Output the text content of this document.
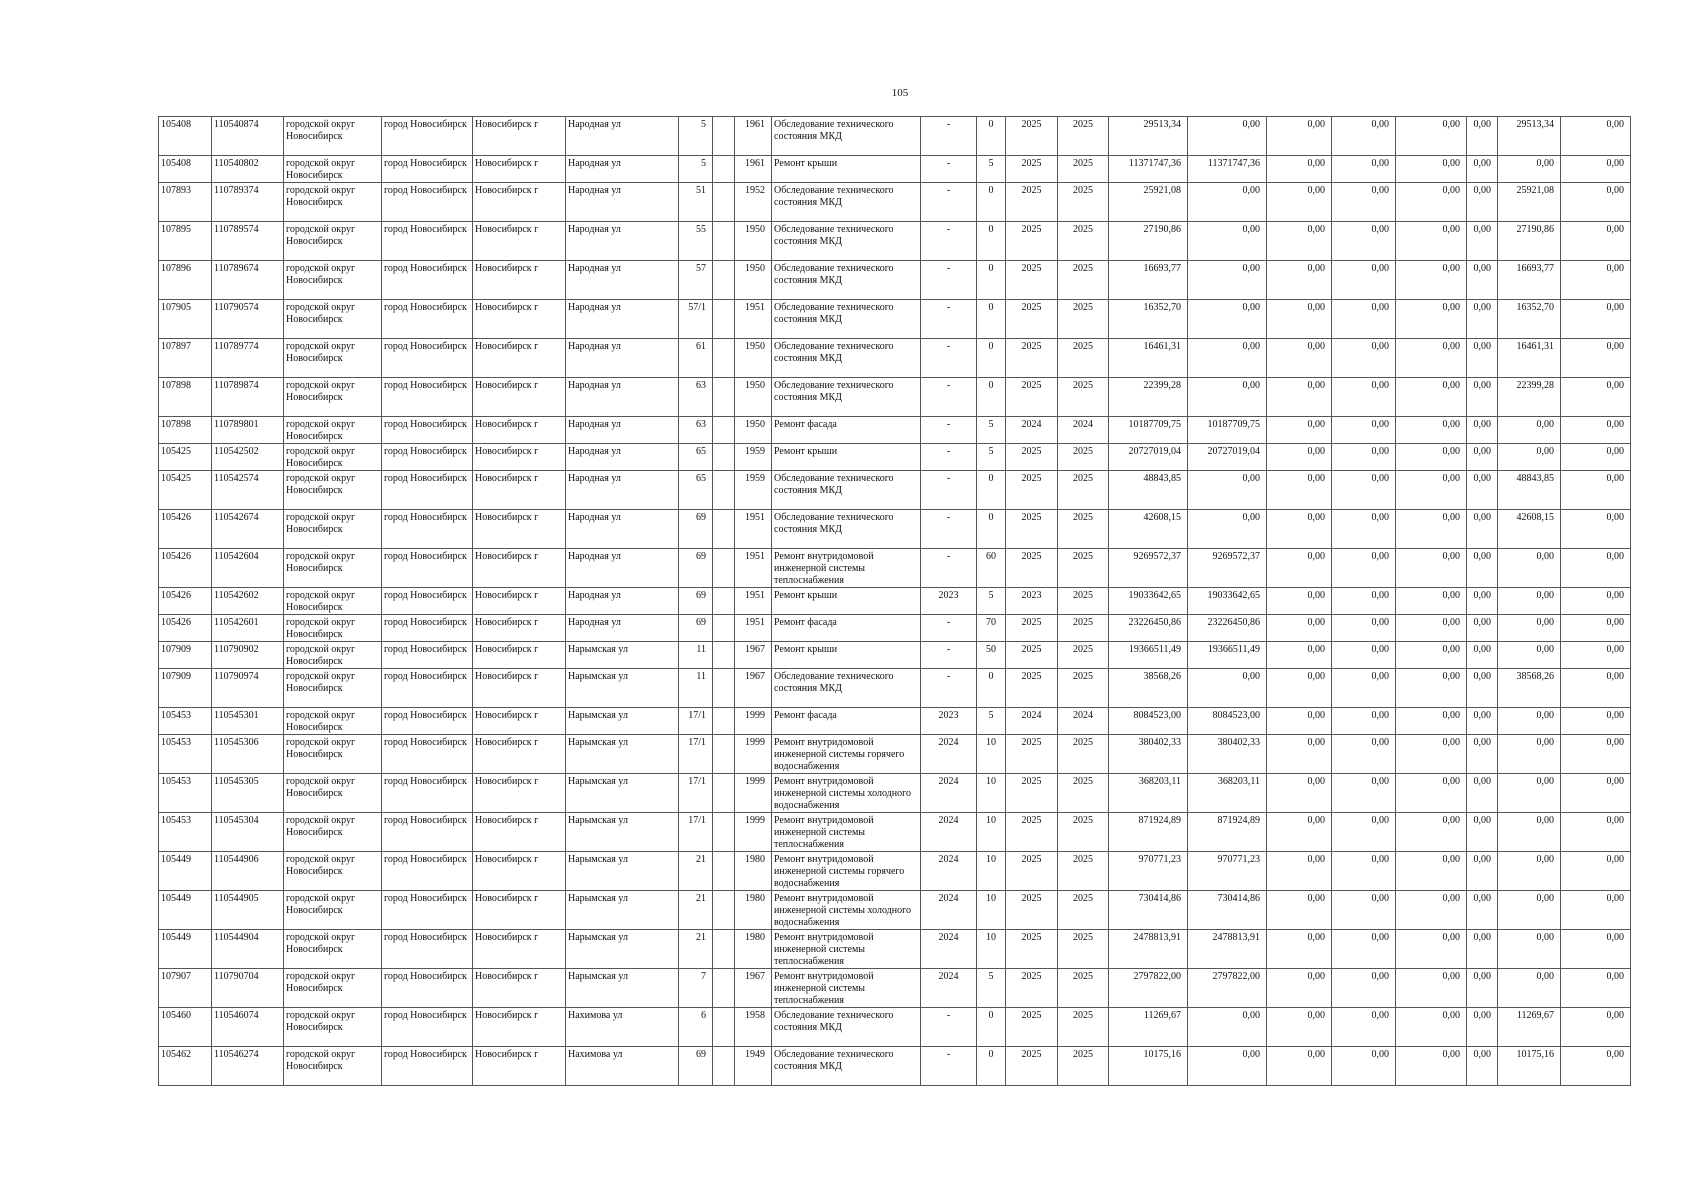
105
105408	110540874	городской округ Новосибирск	город Новосибирск	Новосибирск г	Народная ул	5		1961	Обследование технического состояния МКД	-	0	2025	2025	29513,34	0,00	0,00	0,00	0,00	0,00	29513,34	0,00
105408	110540802	городской округ Новосибирск	город Новосибирск	Новосибирск г	Народная ул	5		1961	Ремонт крыши	-	5	2025	2025	11371747,36	11371747,36	0,00	0,00	0,00	0,00	0,00	0,00
107893	110789374	городской округ Новосибирск	город Новосибирск	Новосибирск г	Народная ул	51		1952	Обследование технического состояния МКД	-	0	2025	2025	25921,08	0,00	0,00	0,00	0,00	0,00	25921,08	0,00
107895	110789574	городской округ Новосибирск	город Новосибирск	Новосибирск г	Народная ул	55		1950	Обследование технического состояния МКД	-	0	2025	2025	27190,86	0,00	0,00	0,00	0,00	0,00	27190,86	0,00
107896	110789674	городской округ Новосибирск	город Новосибирск	Новосибирск г	Народная ул	57		1950	Обследование технического состояния МКД	-	0	2025	2025	16693,77	0,00	0,00	0,00	0,00	0,00	16693,77	0,00
107905	110790574	городской округ Новосибирск	город Новосибирск	Новосибирск г	Народная ул	57/1		1951	Обследование технического состояния МКД	-	0	2025	2025	16352,70	0,00	0,00	0,00	0,00	0,00	16352,70	0,00
107897	110789774	городской округ Новосибирск	город Новосибирск	Новосибирск г	Народная ул	61		1950	Обследование технического состояния МКД	-	0	2025	2025	16461,31	0,00	0,00	0,00	0,00	0,00	16461,31	0,00
107898	110789874	городской округ Новосибирск	город Новосибирск	Новосибирск г	Народная ул	63		1950	Обследование технического состояния МКД	-	0	2025	2025	22399,28	0,00	0,00	0,00	0,00	0,00	22399,28	0,00
107898	110789801	городской округ Новосибирск	город Новосибирск	Новосибирск г	Народная ул	63		1950	Ремонт фасада	-	5	2024	2024	10187709,75	10187709,75	0,00	0,00	0,00	0,00	0,00	0,00
105425	110542502	городской округ Новосибирск	город Новосибирск	Новосибирск г	Народная ул	65		1959	Ремонт крыши	-	5	2025	2025	20727019,04	20727019,04	0,00	0,00	0,00	0,00	0,00	0,00
105425	110542574	городской округ Новосибирск	город Новосибирск	Новосибирск г	Народная ул	65		1959	Обследование технического состояния МКД	-	0	2025	2025	48843,85	0,00	0,00	0,00	0,00	0,00	48843,85	0,00
105426	110542674	городской округ Новосибирск	город Новосибирск	Новосибирск г	Народная ул	69		1951	Обследование технического состояния МКД	-	0	2025	2025	42608,15	0,00	0,00	0,00	0,00	0,00	42608,15	0,00
105426	110542604	городской округ Новосибирск	город Новосибирск	Новосибирск г	Народная ул	69		1951	Ремонт внутридомовой инженерной системы теплоснабжения	-	60	2025	2025	9269572,37	9269572,37	0,00	0,00	0,00	0,00	0,00	0,00
105426	110542602	городской округ Новосибирск	город Новосибирск	Новосибирск г	Народная ул	69		1951	Ремонт крыши	2023	5	2023	2025	19033642,65	19033642,65	0,00	0,00	0,00	0,00	0,00	0,00
105426	110542601	городской округ Новосибирск	город Новосибирск	Новосибирск г	Народная ул	69		1951	Ремонт фасада	-	70	2025	2025	23226450,86	23226450,86	0,00	0,00	0,00	0,00	0,00	0,00
107909	110790902	городской округ Новосибирск	город Новосибирск	Новосибирск г	Нарымская ул	11		1967	Ремонт крыши	-	50	2025	2025	19366511,49	19366511,49	0,00	0,00	0,00	0,00	0,00	0,00
107909	110790974	городской округ Новосибирск	город Новосибирск	Новосибирск г	Нарымская ул	11		1967	Обследование технического состояния МКД	-	0	2025	2025	38568,26	0,00	0,00	0,00	0,00	0,00	38568,26	0,00
105453	110545301	городской округ Новосибирск	город Новосибирск	Новосибирск г	Нарымская ул	17/1		1999	Ремонт фасада	2023	5	2024	2024	8084523,00	8084523,00	0,00	0,00	0,00	0,00	0,00	0,00
105453	110545306	городской округ Новосибирск	город Новосибирск	Новосибирск г	Нарымская ул	17/1		1999	Ремонт внутридомовой инженерной системы горячего водоснабжения	2024	10	2025	2025	380402,33	380402,33	0,00	0,00	0,00	0,00	0,00	0,00
105453	110545305	городской округ Новосибирск	город Новосибирск	Новосибирск г	Нарымская ул	17/1		1999	Ремонт внутридомовой инженерной системы холодного водоснабжения	2024	10	2025	2025	368203,11	368203,11	0,00	0,00	0,00	0,00	0,00	0,00
105453	110545304	городской округ Новосибирск	город Новосибирск	Новосибирск г	Нарымская ул	17/1		1999	Ремонт внутридомовой инженерной системы теплоснабжения	2024	10	2025	2025	871924,89	871924,89	0,00	0,00	0,00	0,00	0,00	0,00
105449	110544906	городской округ Новосибирск	город Новосибирск	Новосибирск г	Нарымская ул	21		1980	Ремонт внутридомовой инженерной системы горячего водоснабжения	2024	10	2025	2025	970771,23	970771,23	0,00	0,00	0,00	0,00	0,00	0,00
105449	110544905	городской округ Новосибирск	город Новосибирск	Новосибирск г	Нарымская ул	21		1980	Ремонт внутридомовой инженерной системы холодного водоснабжения	2024	10	2025	2025	730414,86	730414,86	0,00	0,00	0,00	0,00	0,00	0,00
105449	110544904	городской округ Новосибирск	город Новосибирск	Новосибирск г	Нарымская ул	21		1980	Ремонт внутридомовой инженерной системы теплоснабжения	2024	10	2025	2025	2478813,91	2478813,91	0,00	0,00	0,00	0,00	0,00	0,00
107907	110790704	городской округ Новосибирск	город Новосибирск	Новосибирск г	Нарымская ул	7		1967	Ремонт внутридомовой инженерной системы теплоснабжения	2024	5	2025	2025	2797822,00	2797822,00	0,00	0,00	0,00	0,00	0,00	0,00
105460	110546074	городской округ Новосибирск	город Новосибирск	Новосибирск г	Нахимова ул	6		1958	Обследование технического состояния МКД	-	0	2025	2025	11269,67	0,00	0,00	0,00	0,00	0,00	11269,67	0,00
105462	110546274	городской округ Новосибирск	город Новосибирск	Новосибирск г	Нахимова ул	69		1949	Обследование технического состояния МКД	-	0	2025	2025	10175,16	0,00	0,00	0,00	0,00	0,00	10175,16	0,00
